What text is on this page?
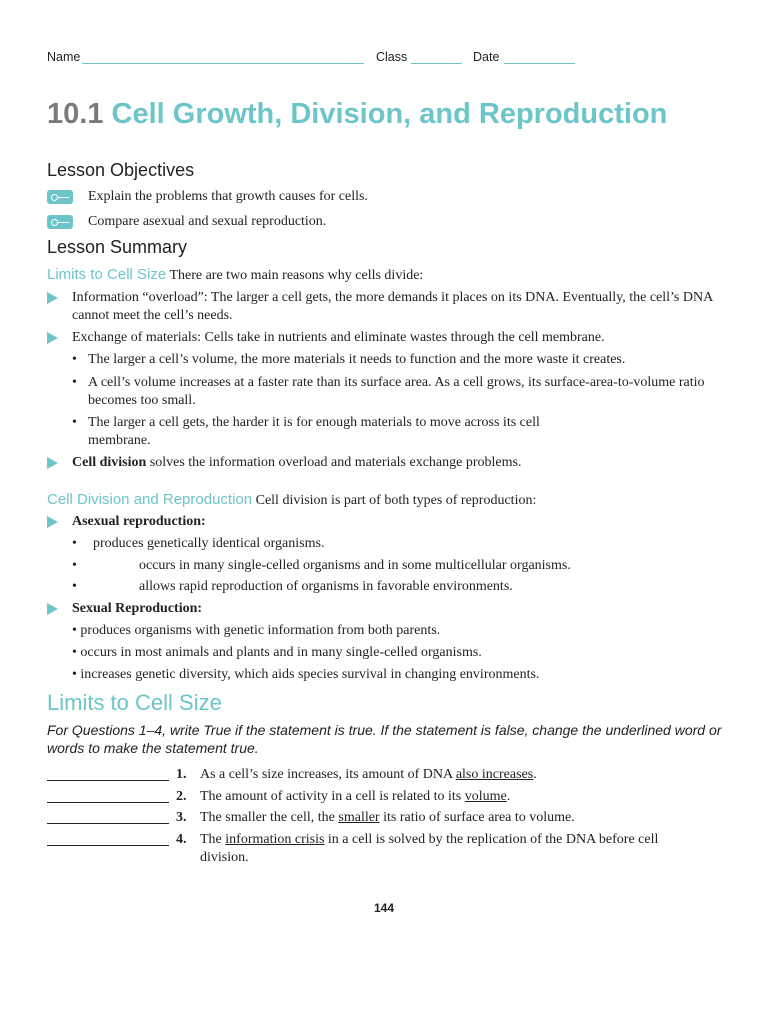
Name	Class	Date
10.1 Cell Growth, Division, and Reproduction
Lesson Objectives
Explain the problems that growth causes for cells.
Compare asexual and sexual reproduction.
Lesson Summary
Limits to Cell Size There are two main reasons why cells divide:
Information “overload”: The larger a cell gets, the more demands it places on its DNA. Eventually, the cell’s DNA cannot meet the cell’s needs.
Exchange of materials: Cells take in nutrients and eliminate wastes through the cell membrane.
• The larger a cell’s volume, the more materials it needs to function and the more waste it creates.
• A cell’s volume increases at a faster rate than its surface area. As a cell grows, its surface-area-to-volume ratio becomes too small.
• The larger a cell gets, the harder it is for enough materials to move across its cell membrane.
Cell division solves the information overload and materials exchange problems.
Cell Division and Reproduction Cell division is part of both types of reproduction:
Asexual reproduction:
• produces genetically identical organisms.
•	occurs in many single-celled organisms and in some multicellular organisms.
•	allows rapid reproduction of organisms in favorable environments.
Sexual Reproduction:
• produces organisms with genetic information from both parents.
• occurs in most animals and plants and in many single-celled organisms.
• increases genetic diversity, which aids species survival in changing environments.
Limits to Cell Size
For Questions 1–4, write True if the statement is true. If the statement is false, change the underlined word or words to make the statement true.
1. As a cell’s size increases, its amount of DNA also increases.
2. The amount of activity in a cell is related to its volume.
3. The smaller the cell, the smaller its ratio of surface area to volume.
4. The information crisis in a cell is solved by the replication of the DNA before cell division.
144
